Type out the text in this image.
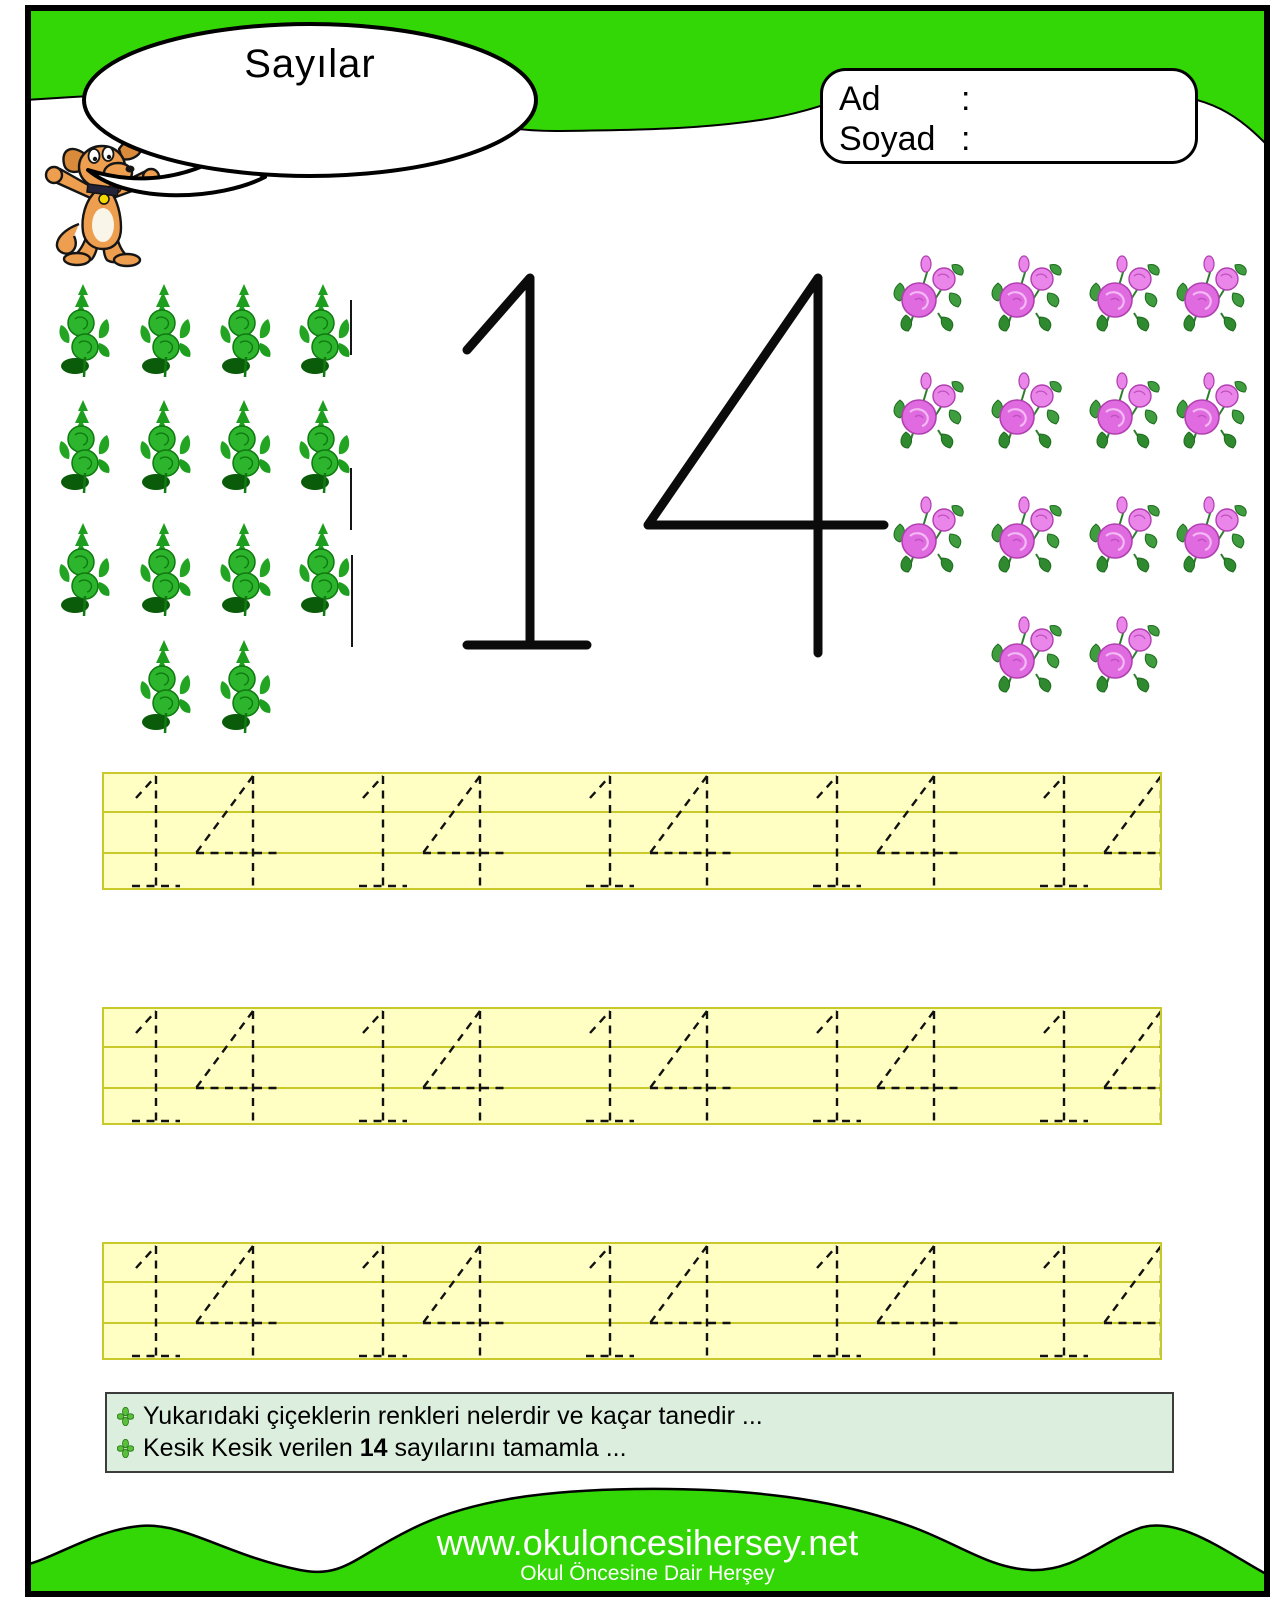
Sayılar
Ad	:
Soyad :
Yukarıdaki çiçeklerin renkleri nelerdir ve kaçar tanedir ...
Kesik Kesik verilen 14 sayılarını tamamla ...
www.okuloncesihersey.net
Okul Öncesine Dair Herşey
